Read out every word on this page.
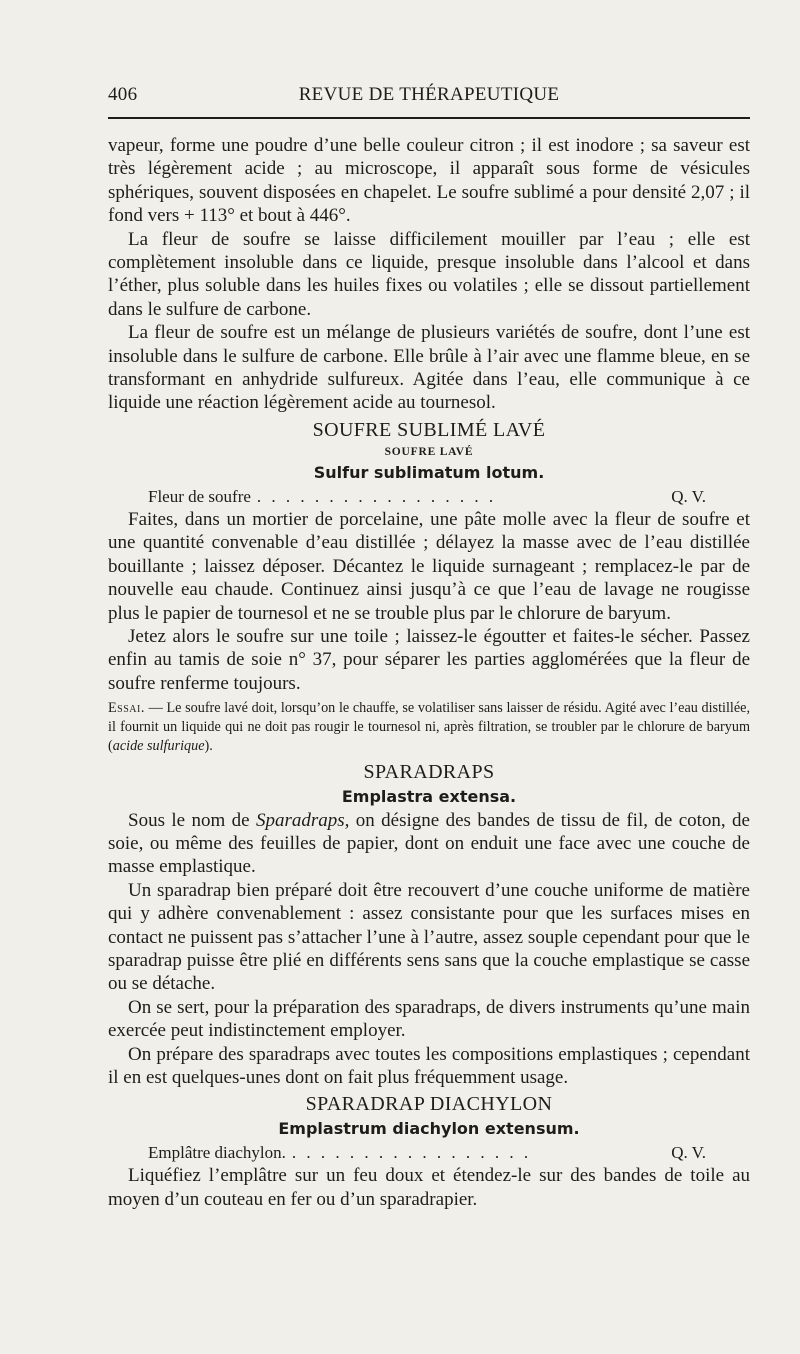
406	REVUE DE THÉRAPEUTIQUE

vapeur, forme une poudre d’une belle couleur citron ; il est inodore ; sa saveur est très légèrement acide ; au microscope, il apparaît sous forme de vésicules sphériques, souvent disposées en chapelet. Le soufre sublimé a pour densité 2,07 ; il fond vers + 113° et bout à 446°.

La fleur de soufre se laisse difficilement mouiller par l’eau ; elle est complètement insoluble dans ce liquide, presque insoluble dans l’alcool et dans l’éther, plus soluble dans les huiles fixes ou volatiles ; elle se dissout partiellement dans le sulfure de carbone.

La fleur de soufre est un mélange de plusieurs variétés de soufre, dont l’une est insoluble dans le sulfure de carbone. Elle brûle à l’air avec une flamme bleue, en se transformant en anhydride sulfureux. Agitée dans l’eau, elle communique à ce liquide une réaction légèrement acide au tournesol.

SOUFRE SUBLIMÉ LAVÉ
SOUFRE LAVÉ
Sulfur sublimatum lotum.
Fleur de soufre . . . . . . . . . . . . . . . . .	Q. V.

Faites, dans un mortier de porcelaine, une pâte molle avec la fleur de soufre et une quantité convenable d’eau distillée ; délayez la masse avec de l’eau distillée bouillante ; laissez déposer. Décantez le liquide surnageant ; remplacez-le par de nouvelle eau chaude. Continuez ainsi jusqu’à ce que l’eau de lavage ne rougisse plus le papier de tournesol et ne se trouble plus par le chlorure de baryum.

Jetez alors le soufre sur une toile ; laissez-le égoutter et faites-le sécher. Passez enfin au tamis de soie n° 37, pour séparer les parties agglomérées que la fleur de soufre renferme toujours.

Essai. — Le soufre lavé doit, lorsqu’on le chauffe, se volatiliser sans laisser de résidu. Agité avec l’eau distillée, il fournit un liquide qui ne doit pas rougir le tournesol ni, après filtration, se troubler par le chlorure de baryum (acide sulfurique).
SPARADRAPS
Emplastra extensa.

Sous le nom de Sparadraps, on désigne des bandes de tissu de fil, de coton, de soie, ou même des feuilles de papier, dont on enduit une face avec une couche de masse emplastique.

Un sparadrap bien préparé doit être recouvert d’une couche uniforme de matière qui y adhère convenablement : assez consistante pour que les surfaces mises en contact ne puissent pas s’attacher l’une à l’autre, assez souple cependant pour que le sparadrap puisse être plié en différents sens sans que la couche emplastique se casse ou se détache.

On se sert, pour la préparation des sparadraps, de divers instruments qu’une main exercée peut indistinctement employer.

On prépare des sparadraps avec toutes les compositions emplastiques ; cependant il en est quelques-unes dont on fait plus fréquemment usage.

SPARADRAP DIACHYLON
Emplastrum diachylon extensum.
Emplâtre diachylon. . . . . . . . . . . . . . . . . .	Q. V.

Liquéfiez l’emplâtre sur un feu doux et étendez-le sur des bandes de toile au moyen d’un couteau en fer ou d’un sparadrapier.
